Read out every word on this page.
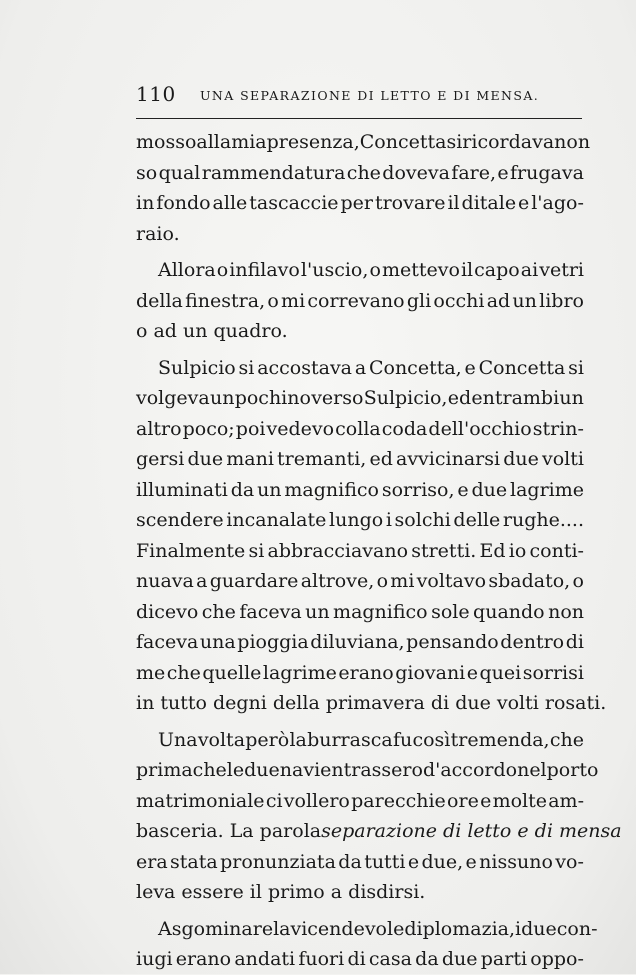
110 UNA SEPARAZIONE DI LETTO E DI MENSA.
mosso alla mia presenza, Concetta si ricordava non
so qual rammendatura che doveva fare, e frugava
in fondo alle tascaccie per trovare il ditale e l'ago-
raio.
Allora o infilavo l'uscio, o mettevo il capo ai vetri
della finestra, o mi correvano gli occhi ad un libro
o ad un quadro.
Sulpicio si accostava a Concetta, e Concetta si
volgeva un pochino verso Sulpicio, ed entrambi un
altro poco; poi vedevo colla coda dell'occhio strin-
gersi due mani tremanti, ed avvicinarsi due volti
illuminati da un magnifico sorriso, e due lagrime
scendere incanalate lungo i solchi delle rughe....
Finalmente si abbracciavano stretti. Ed io conti-
nuava a guardare altrove, o mi voltavo sbadato, o
dicevo che faceva un magnifico sole quando non
faceva una pioggia diluviana, pensando dentro di
me che quelle lagrime erano giovani e quei sorrisi
in tutto degni della primavera di due volti rosati.
Una volta però la burrasca fu così tremenda, che
prima che le due navi entrassero d'accordo nel porto
matrimoniale ci vollero parecchie ore e molte am-
basceria. La parola separazione di letto e di mensa
era stata pronunziata da tutti e due, e nissuno vo-
leva essere il primo a disdirsi.
A sgominare la vicendevole diplomazia, i due con-
iugi erano andati fuori di casa da due parti oppo-
